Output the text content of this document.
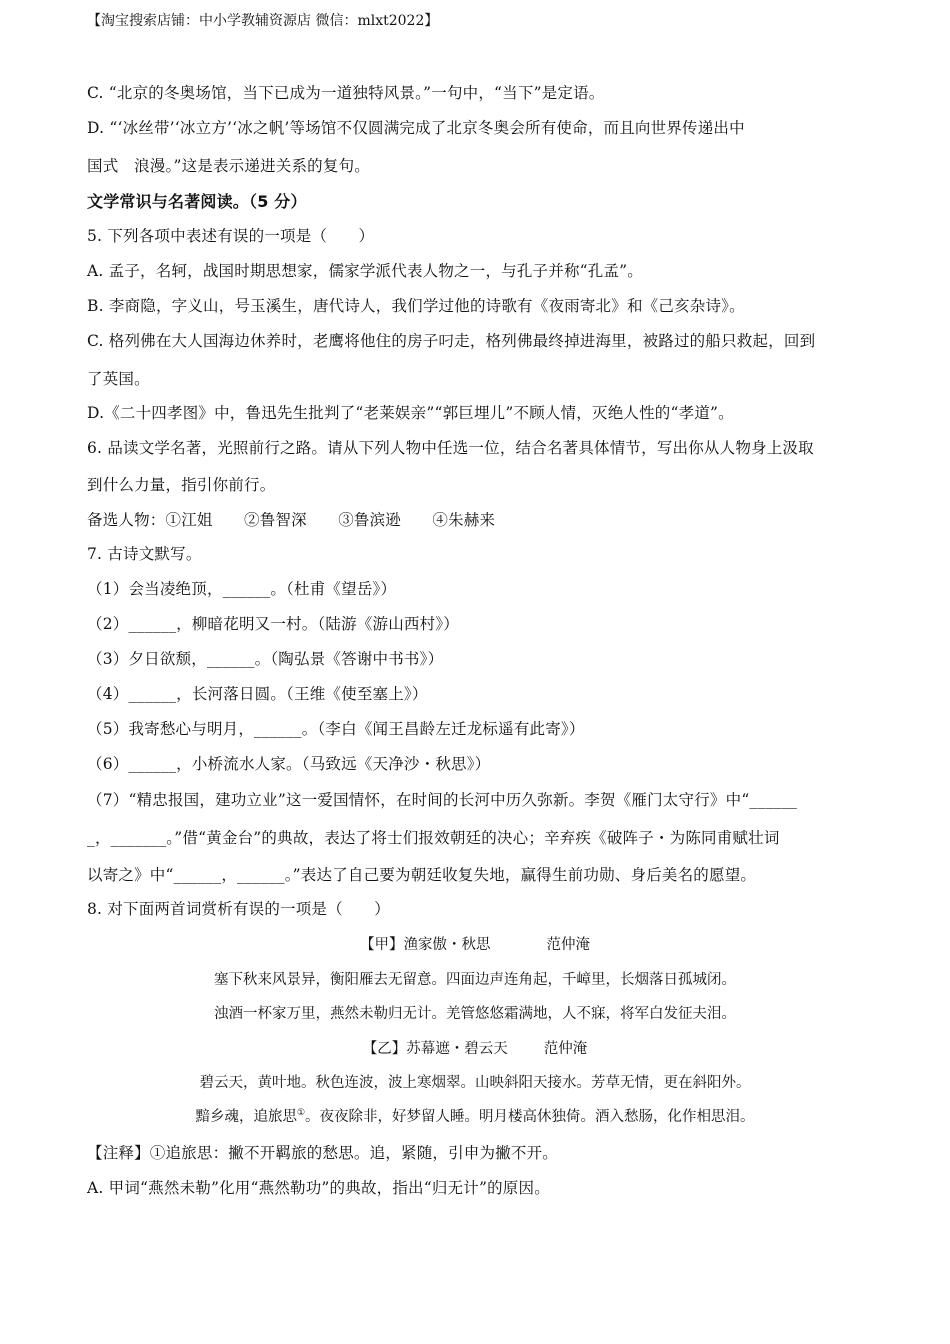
【淘宝搜索店铺：中小学教辅资源店 微信：mlxt2022】
C. “北京的冬奥场馆，当下已成为一道独特风景。”一句中，“当下”是定语。
D. “‘冰丝带’‘冰立方’‘冰之帆’等场馆不仅圆满完成了北京冬奥会所有使命，而且向世界传递出中
国式　浪漫。”这是表示递进关系的复句。
文学常识与名著阅读。（5 分）
5. 下列各项中表述有误的一项是（　　）
A. 孟子，名轲，战国时期思想家，儒家学派代表人物之一，与孔子并称“孔孟”。
B. 李商隐，字义山，号玉溪生，唐代诗人，我们学过他的诗歌有《夜雨寄北》和《己亥杂诗》。
C. 格列佛在大人国海边休养时，老鹰将他住的房子叼走，格列佛最终掉进海里，被路过的船只救起，回到
了英国。
D.《二十四孝图》中，鲁迅先生批判了“老莱娱亲”“郭巨埋儿”不顾人情，灭绝人性的“孝道”。
6. 品读文学名著，光照前行之路。请从下列人物中任选一位，结合名著具体情节，写出你从人物身上汲取
到什么力量，指引你前行。
备选人物：①江姐　　②鲁智深　　③鲁滨逊　　④朱赫来
7. 古诗文默写。
（1）会当凌绝顶，______。（杜甫《望岳》）
（2）______，柳暗花明又一村。（陆游《游山西村》）
（3）夕日欲颓，______。（陶弘景《答谢中书书》）
（4）______，长河落日圆。（王维《使至塞上》）
（5）我寄愁心与明月，______。（李白《闻王昌龄左迁龙标遥有此寄》）
（6）______，小桥流水人家。（马致远《天净沙・秋思》）
（7）“精忠报国，建功立业”这一爱国情怀，在时间的长河中历久弥新。李贺《雁门太守行》中“______
_，_______。”借“黄金台”的典故，表达了将士们报效朝廷的决心；辛弃疾《破阵子・为陈同甫赋壮词
以寄之》中“______，______。”表达了自己要为朝廷收复失地，赢得生前功勋、身后美名的愿望。
8. 对下面两首词赏析有误的一项是（　　）
【甲】渔家傲・秋思	范仲淹
塞下秋来风景异，衡阳雁去无留意。四面边声连角起，千嶂里，长烟落日孤城闭。
浊酒一杯家万里，燕然未勒归无计。羌管悠悠霜满地，人不寐，将军白发征夫泪。
【乙】苏幕遮・碧云天 范仲淹
碧云天，黄叶地。秋色连波，波上寒烟翠。山映斜阳天接水。芳草无情，更在斜阳外。
黯乡魂，追旅思①。夜夜除非，好梦留人睡。明月楼高休独倚。酒入愁肠，化作相思泪。
【注释】①追旅思：撇不开羁旅的愁思。追，紧随，引申为撇不开。
A. 甲词“燕然未勒”化用“燕然勒功”的典故，指出“归无计”的原因。
